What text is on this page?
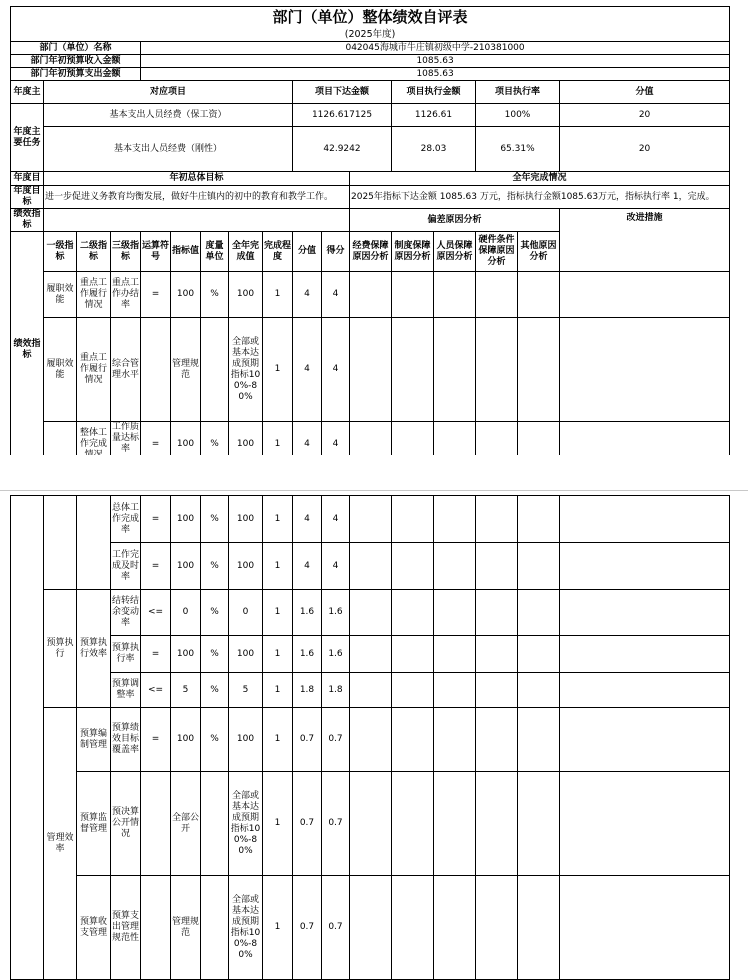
部门（单位）整体绩效自评表																	
(2025年度)																	
部门（单位）名称				042045海城市牛庄镇初级中学-210381000													
部门年初预算收入金额				1085.63													
部门年初预算支出金额				1085.63													
年度主	对应项目								项目下达金额			项目执行金额		项目执行率		分值	
年度主要任务	基本支出人员经费（保工资）								1126.617125			1126.61		100%		20	
	基本支出人员经费（刚性）								42.9242			28.03		65.31%		20	
年度目	年初总体目标										全年完成情况						
年度目标	进一步促进义务教育均衡发展，做好牛庄镇内的初中的教育和教学工作。										2025年指标下达金额 1085.63 万元，指标执行金额1085.63万元，指标执行率 1，完成。						
绩效指标											偏差原因分析					改进措施	
绩效指标	一级指标	二级指标	三级指标	运算符号	指标值	度量单位	全年完成值	完成程度	分值	得分	经费保障原因分析	制度保障原因分析	人员保障原因分析	硬件条件保障原因分析	其他原因分析		
	履职效能	重点工作履行情况	重点工作办结率	=	100	%	100	1	4	4							
	履职效能	重点工作履行情况	综合管理水平		管理规范		全部或基本达成预期指标100%-80%	1	4	4							
		整体工作完成	工作质量达标率	=	100	%	100	1	4	4							
			总体工作完成率	=	100	%	100	1	4	4						
			工作完成及时率	=	100	%	100	1	4	4						
	预算执行	预算执行效率	结转结余变动率	<=	0	%	0	1	1.6	1.6						
			预算执行率	=	100	%	100	1	1.6	1.6						
			预算调整率	<=	5	%	5	1	1.8	1.8						
	管理效率	预算编制管理	预算绩效目标覆盖率	=	100	%	100	1	0.7	0.7						
		预算监督管理	预决算公开情况		全部公开		全部或基本达成预期指标100%-80%	1	0.7	0.7						
		预算收支管理	预算支出管理规范性		管理规范		全部或基本达成预期指标100%-80%	1	0.7	0.7						
